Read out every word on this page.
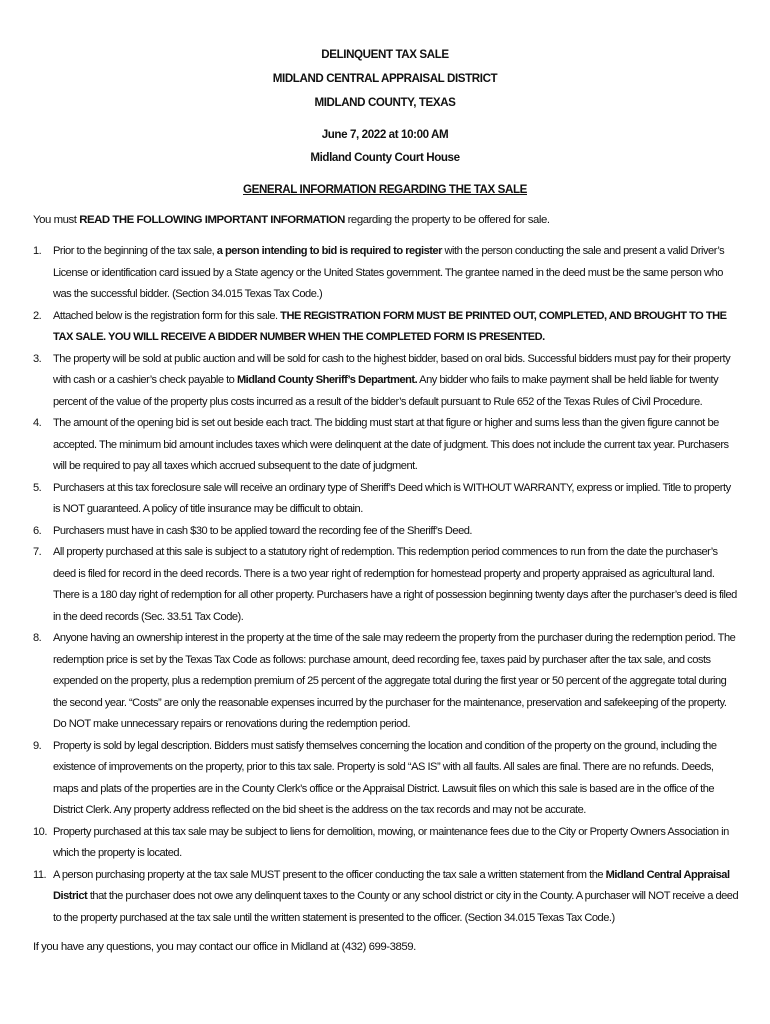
DELINQUENT TAX SALE
MIDLAND CENTRAL APPRAISAL DISTRICT
MIDLAND COUNTY, TEXAS
June 7, 2022 at 10:00 AM
Midland County Court House
GENERAL INFORMATION REGARDING THE TAX SALE
You must READ THE FOLLOWING IMPORTANT INFORMATION regarding the property to be offered for sale.
1. Prior to the beginning of the tax sale, a person intending to bid is required to register with the person conducting the sale and present a valid Driver’s License or identification card issued by a State agency or the United States government. The grantee named in the deed must be the same person who was the successful bidder. (Section 34.015 Texas Tax Code.)
2. Attached below is the registration form for this sale. THE REGISTRATION FORM MUST BE PRINTED OUT, COMPLETED, AND BROUGHT TO THE TAX SALE. YOU WILL RECEIVE A BIDDER NUMBER WHEN THE COMPLETED FORM IS PRESENTED.
3. The property will be sold at public auction and will be sold for cash to the highest bidder, based on oral bids. Successful bidders must pay for their property with cash or a cashier’s check payable to Midland County Sheriff’s Department. Any bidder who fails to make payment shall be held liable for twenty percent of the value of the property plus costs incurred as a result of the bidder’s default pursuant to Rule 652 of the Texas Rules of Civil Procedure.
4. The amount of the opening bid is set out beside each tract. The bidding must start at that figure or higher and sums less than the given figure cannot be accepted. The minimum bid amount includes taxes which were delinquent at the date of judgment. This does not include the current tax year. Purchasers will be required to pay all taxes which accrued subsequent to the date of judgment.
5. Purchasers at this tax foreclosure sale will receive an ordinary type of Sheriff’s Deed which is WITHOUT WARRANTY, express or implied. Title to property is NOT guaranteed. A policy of title insurance may be difficult to obtain.
6. Purchasers must have in cash $30 to be applied toward the recording fee of the Sheriff’s Deed.
7. All property purchased at this sale is subject to a statutory right of redemption. This redemption period commences to run from the date the purchaser’s deed is filed for record in the deed records. There is a two year right of redemption for homestead property and property appraised as agricultural land. There is a 180 day right of redemption for all other property. Purchasers have a right of possession beginning twenty days after the purchaser’s deed is filed in the deed records (Sec. 33.51 Tax Code).
8. Anyone having an ownership interest in the property at the time of the sale may redeem the property from the purchaser during the redemption period. The redemption price is set by the Texas Tax Code as follows: purchase amount, deed recording fee, taxes paid by purchaser after the tax sale, and costs expended on the property, plus a redemption premium of 25 percent of the aggregate total during the first year or 50 percent of the aggregate total during the second year. “Costs” are only the reasonable expenses incurred by the purchaser for the maintenance, preservation and safekeeping of the property. Do NOT make unnecessary repairs or renovations during the redemption period.
9. Property is sold by legal description. Bidders must satisfy themselves concerning the location and condition of the property on the ground, including the existence of improvements on the property, prior to this tax sale. Property is sold “AS IS” with all faults. All sales are final. There are no refunds. Deeds, maps and plats of the properties are in the County Clerk’s office or the Appraisal District. Lawsuit files on which this sale is based are in the office of the District Clerk. Any property address reflected on the bid sheet is the address on the tax records and may not be accurate.
10. Property purchased at this tax sale may be subject to liens for demolition, mowing, or maintenance fees due to the City or Property Owners Association in which the property is located.
11. A person purchasing property at the tax sale MUST present to the officer conducting the tax sale a written statement from the Midland Central Appraisal District that the purchaser does not owe any delinquent taxes to the County or any school district or city in the County. A purchaser will NOT receive a deed to the property purchased at the tax sale until the written statement is presented to the officer. (Section 34.015 Texas Tax Code.)
If you have any questions, you may contact our office in Midland at (432) 699-3859.
